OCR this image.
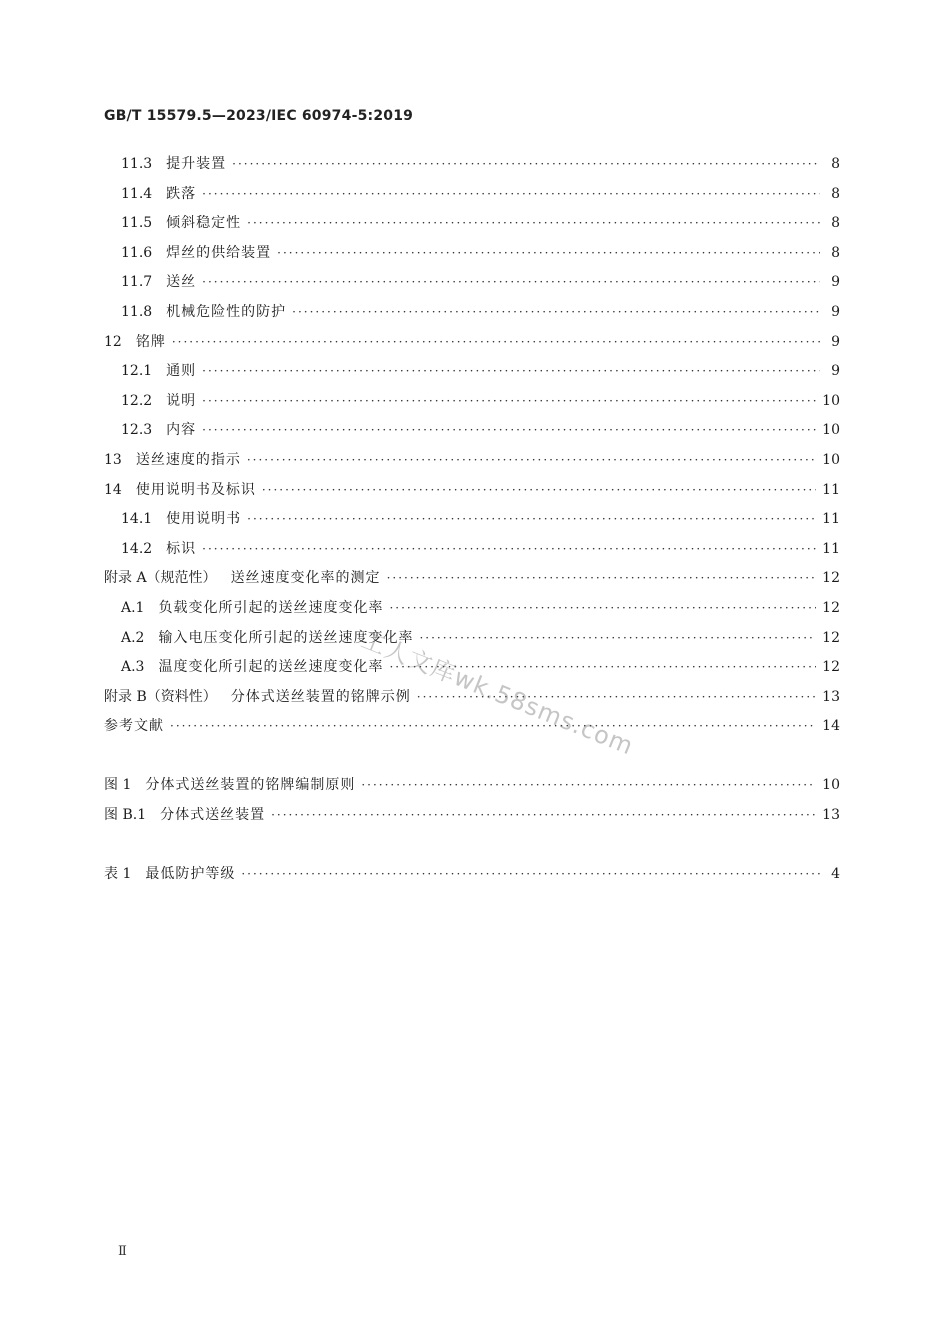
GB/T 15579.5—2023/IEC 60974-5:2019
11.3 提升装置 ·····	8
11.4 跌落 ·····	8
11.5 倾斜稳定性 ·····	8
11.6 焊丝的供给装置 ·····	8
11.7 送丝 ·····	9
11.8 机械危险性的防护 ·····	9
12 铭牌 ·····	9
12.1 通则 ·····	9
12.2 说明 ·····	10
12.3 内容 ·····	10
13 送丝速度的指示 ·····	10
14 使用说明书及标识 ·····	11
14.1 使用说明书 ·····	11
14.2 标识 ·····	11
附录 A（规范性） 送丝速度变化率的测定 ·····	12
A.1 负载变化所引起的送丝速度变化率 ·····	12
A.2 输入电压变化所引起的送丝速度变化率 ·····	12
A.3 温度变化所引起的送丝速度变化率 ·····	12
附录 B（资料性） 分体式送丝装置的铭牌示例 ·····	13
参考文献 ·····	14
图 1 分体式送丝装置的铭牌编制原则 ·····	10
图 B.1 分体式送丝装置 ·····	13
表 1 最低防护等级 ·····	4
工人文库wk.58sms.com
Ⅱ
